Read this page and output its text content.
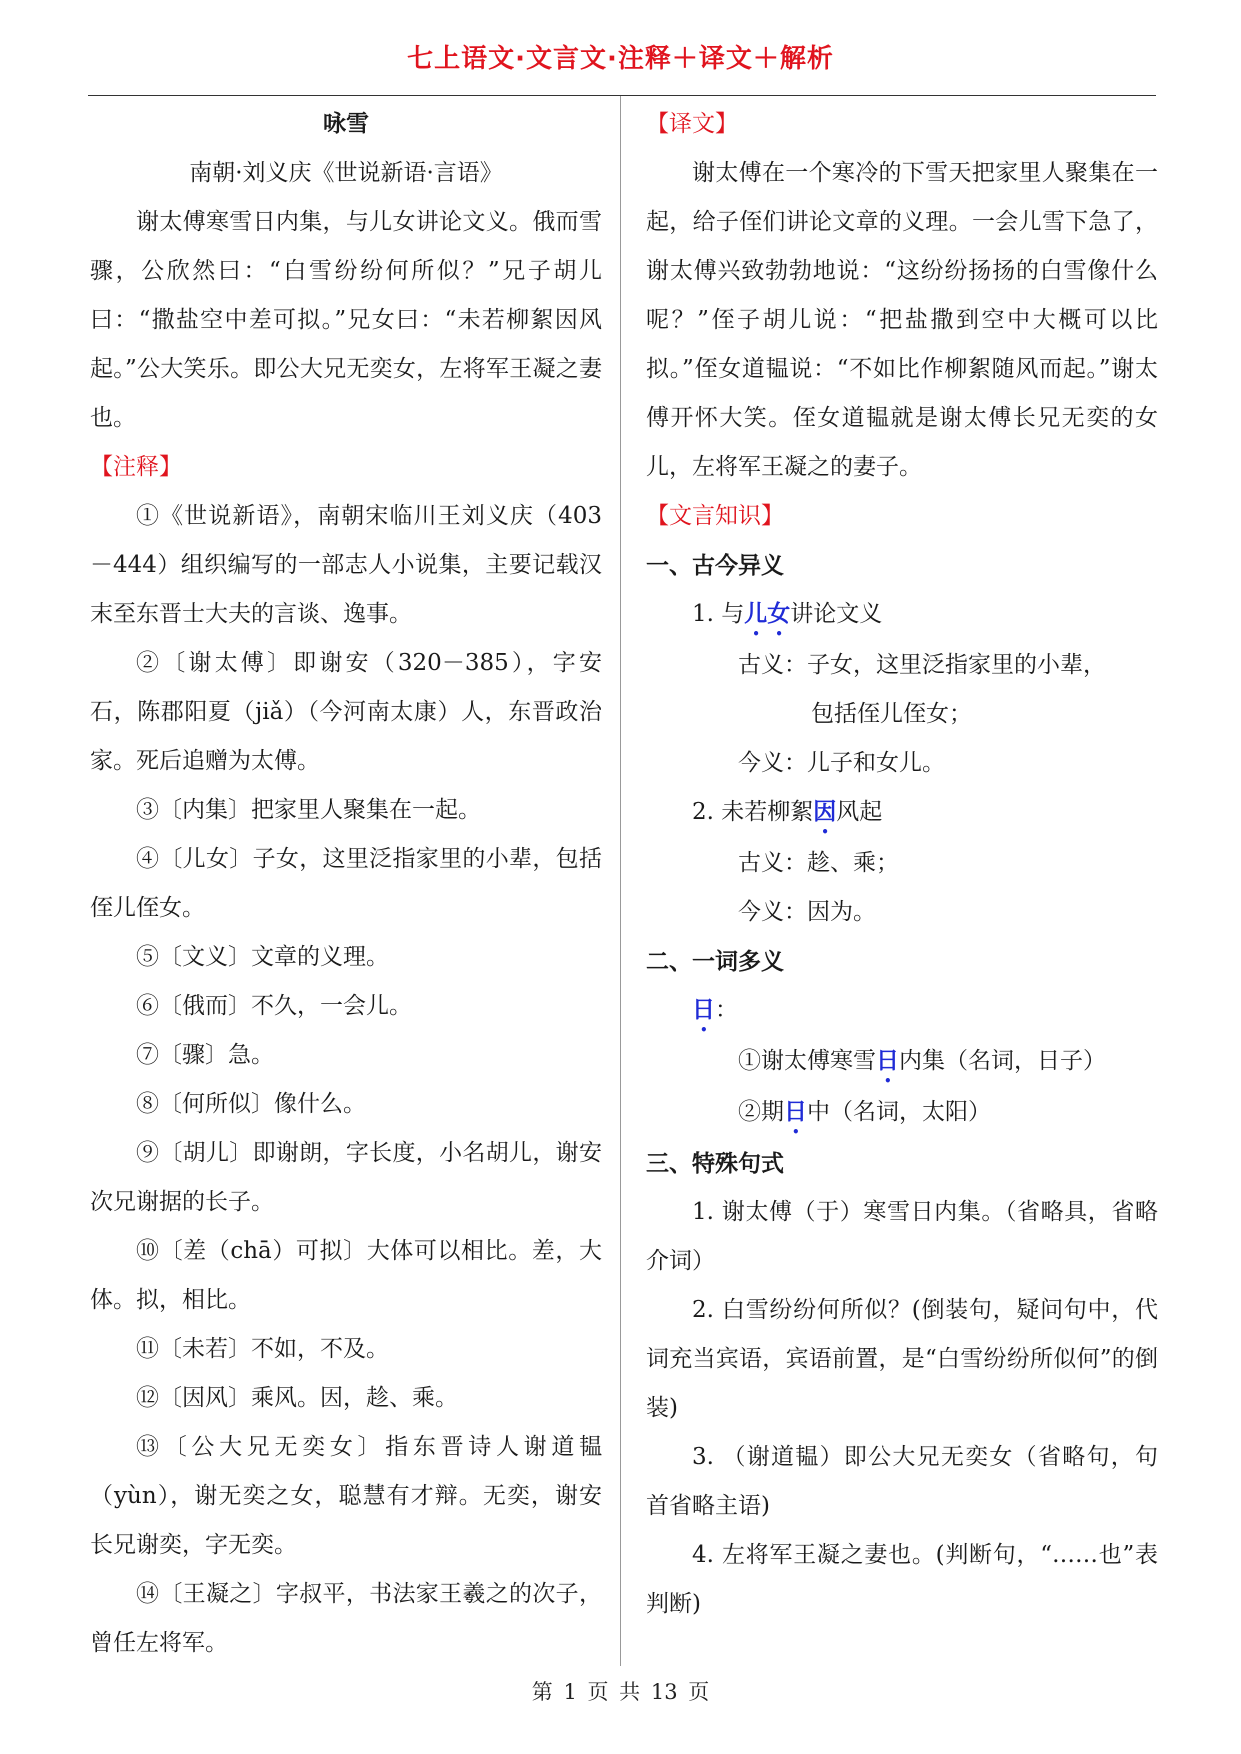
七上语文·文言文·注释＋译文＋解析

咏雪

南朝·刘义庆《世说新语·言语》

谢太傅寒雪日内集，与儿女讲论文义。俄而雪骤，公欣然曰：“白雪纷纷何所似？”兄子胡儿曰：“撒盐空中差可拟。”兄女曰：“未若柳絮因风起。”公大笑乐。即公大兄无奕女，左将军王凝之妻也。

【注释】

①《世说新语》，南朝宋临川王刘义庆（403－444）组织编写的一部志人小说集，主要记载汉末至东晋士大夫的言谈、逸事。

②〔谢太傅〕即谢安（320－385），字安石，陈郡阳夏（jiǎ）（今河南太康）人，东晋政治家。死后追赠为太傅。

③〔内集〕把家里人聚集在一起。

④〔儿女〕子女，这里泛指家里的小辈，包括侄儿侄女。

⑤〔文义〕文章的义理。

⑥〔俄而〕不久，一会儿。

⑦〔骤〕急。

⑧〔何所似〕像什么。

⑨〔胡儿〕即谢朗，字长度，小名胡儿，谢安次兄谢据的长子。

⑩〔差（chā）可拟〕大体可以相比。差，大体。拟，相比。

⑪〔未若〕不如，不及。

⑫〔因风〕乘风。因，趁、乘。

⑬〔公大兄无奕女〕指东晋诗人谢道韫（yùn），谢无奕之女，聪慧有才辩。无奕，谢安长兄谢奕，字无奕。

⑭〔王凝之〕字叔平，书法家王羲之的次子，曾任左将军。

【译文】

谢太傅在一个寒冷的下雪天把家里人聚集在一起，给子侄们讲论文章的义理。一会儿雪下急了，谢太傅兴致勃勃地说：“这纷纷扬扬的白雪像什么呢？”侄子胡儿说：“把盐撒到空中大概可以比拟。”侄女道韫说：“不如比作柳絮随风而起。”谢太傅开怀大笑。侄女道韫就是谢太傅长兄无奕的女儿，左将军王凝之的妻子。

【文言知识】

一、古今异义

1. 与儿女讲论文义

古义：子女，这里泛指家里的小辈，

包括侄儿侄女；

今义：儿子和女儿。

2. 未若柳絮因风起

古义：趁、乘；

今义：因为。

二、一词多义

日：

①谢太傅寒雪日内集（名词，日子）

②期日中（名词，太阳）

三、特殊句式

1. 谢太傅（于）寒雪日内集。（省略具，省略介词）

2. 白雪纷纷何所似？(倒装句，疑问句中，代词充当宾语，宾语前置，是“白雪纷纷所似何”的倒装)

3. （谢道韫）即公大兄无奕女（省略句，句首省略主语)

4. 左将军王凝之妻也。(判断句，“……也”表判断)

第 1 页 共 13 页
